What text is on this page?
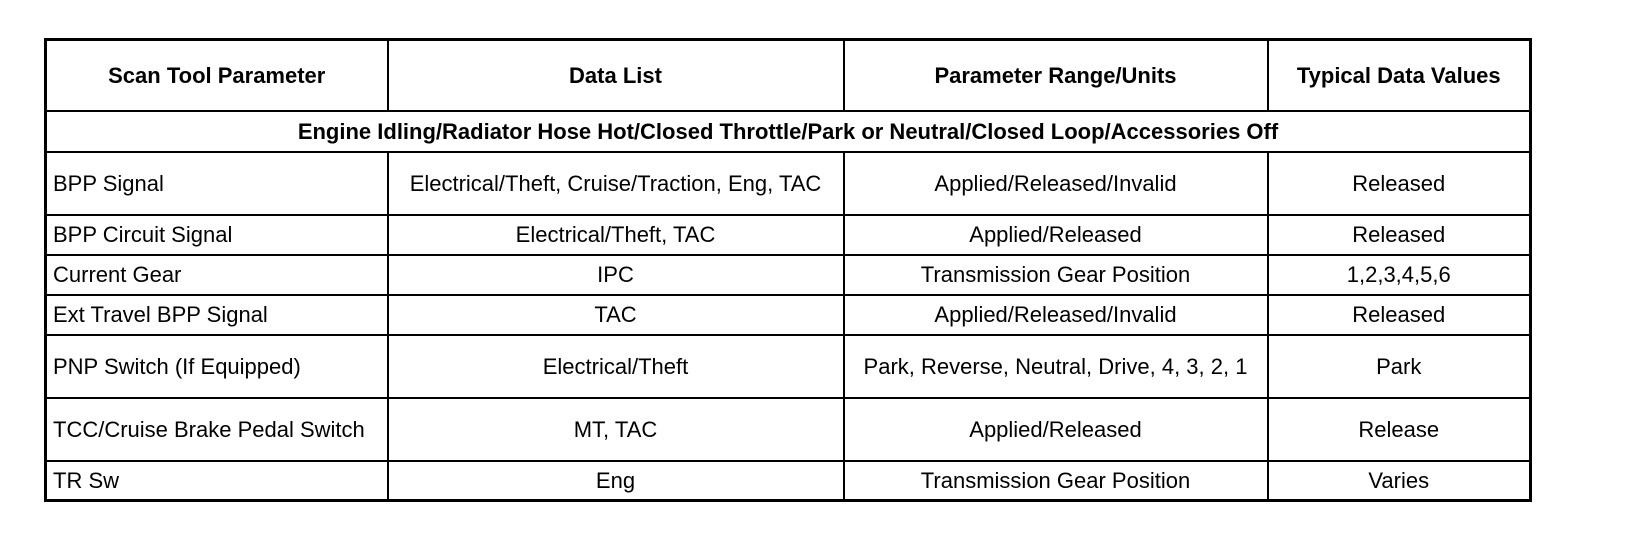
Scan Tool Parameter	Data List	Parameter Range/Units	Typical Data Values
Engine Idling/Radiator Hose Hot/Closed Throttle/Park or Neutral/Closed Loop/Accessories Off			
BPP Signal	Electrical/Theft, Cruise/Traction, Eng, TAC	Applied/Released/Invalid	Released
BPP Circuit Signal	Electrical/Theft, TAC	Applied/Released	Released
Current Gear	IPC	Transmission Gear Position	1,2,3,4,5,6
Ext Travel BPP Signal	TAC	Applied/Released/Invalid	Released
PNP Switch (If Equipped)	Electrical/Theft	Park, Reverse, Neutral, Drive, 4, 3, 2, 1	Park
TCC/Cruise Brake Pedal Switch	MT, TAC	Applied/Released	Release
TR Sw	Eng	Transmission Gear Position	Varies
